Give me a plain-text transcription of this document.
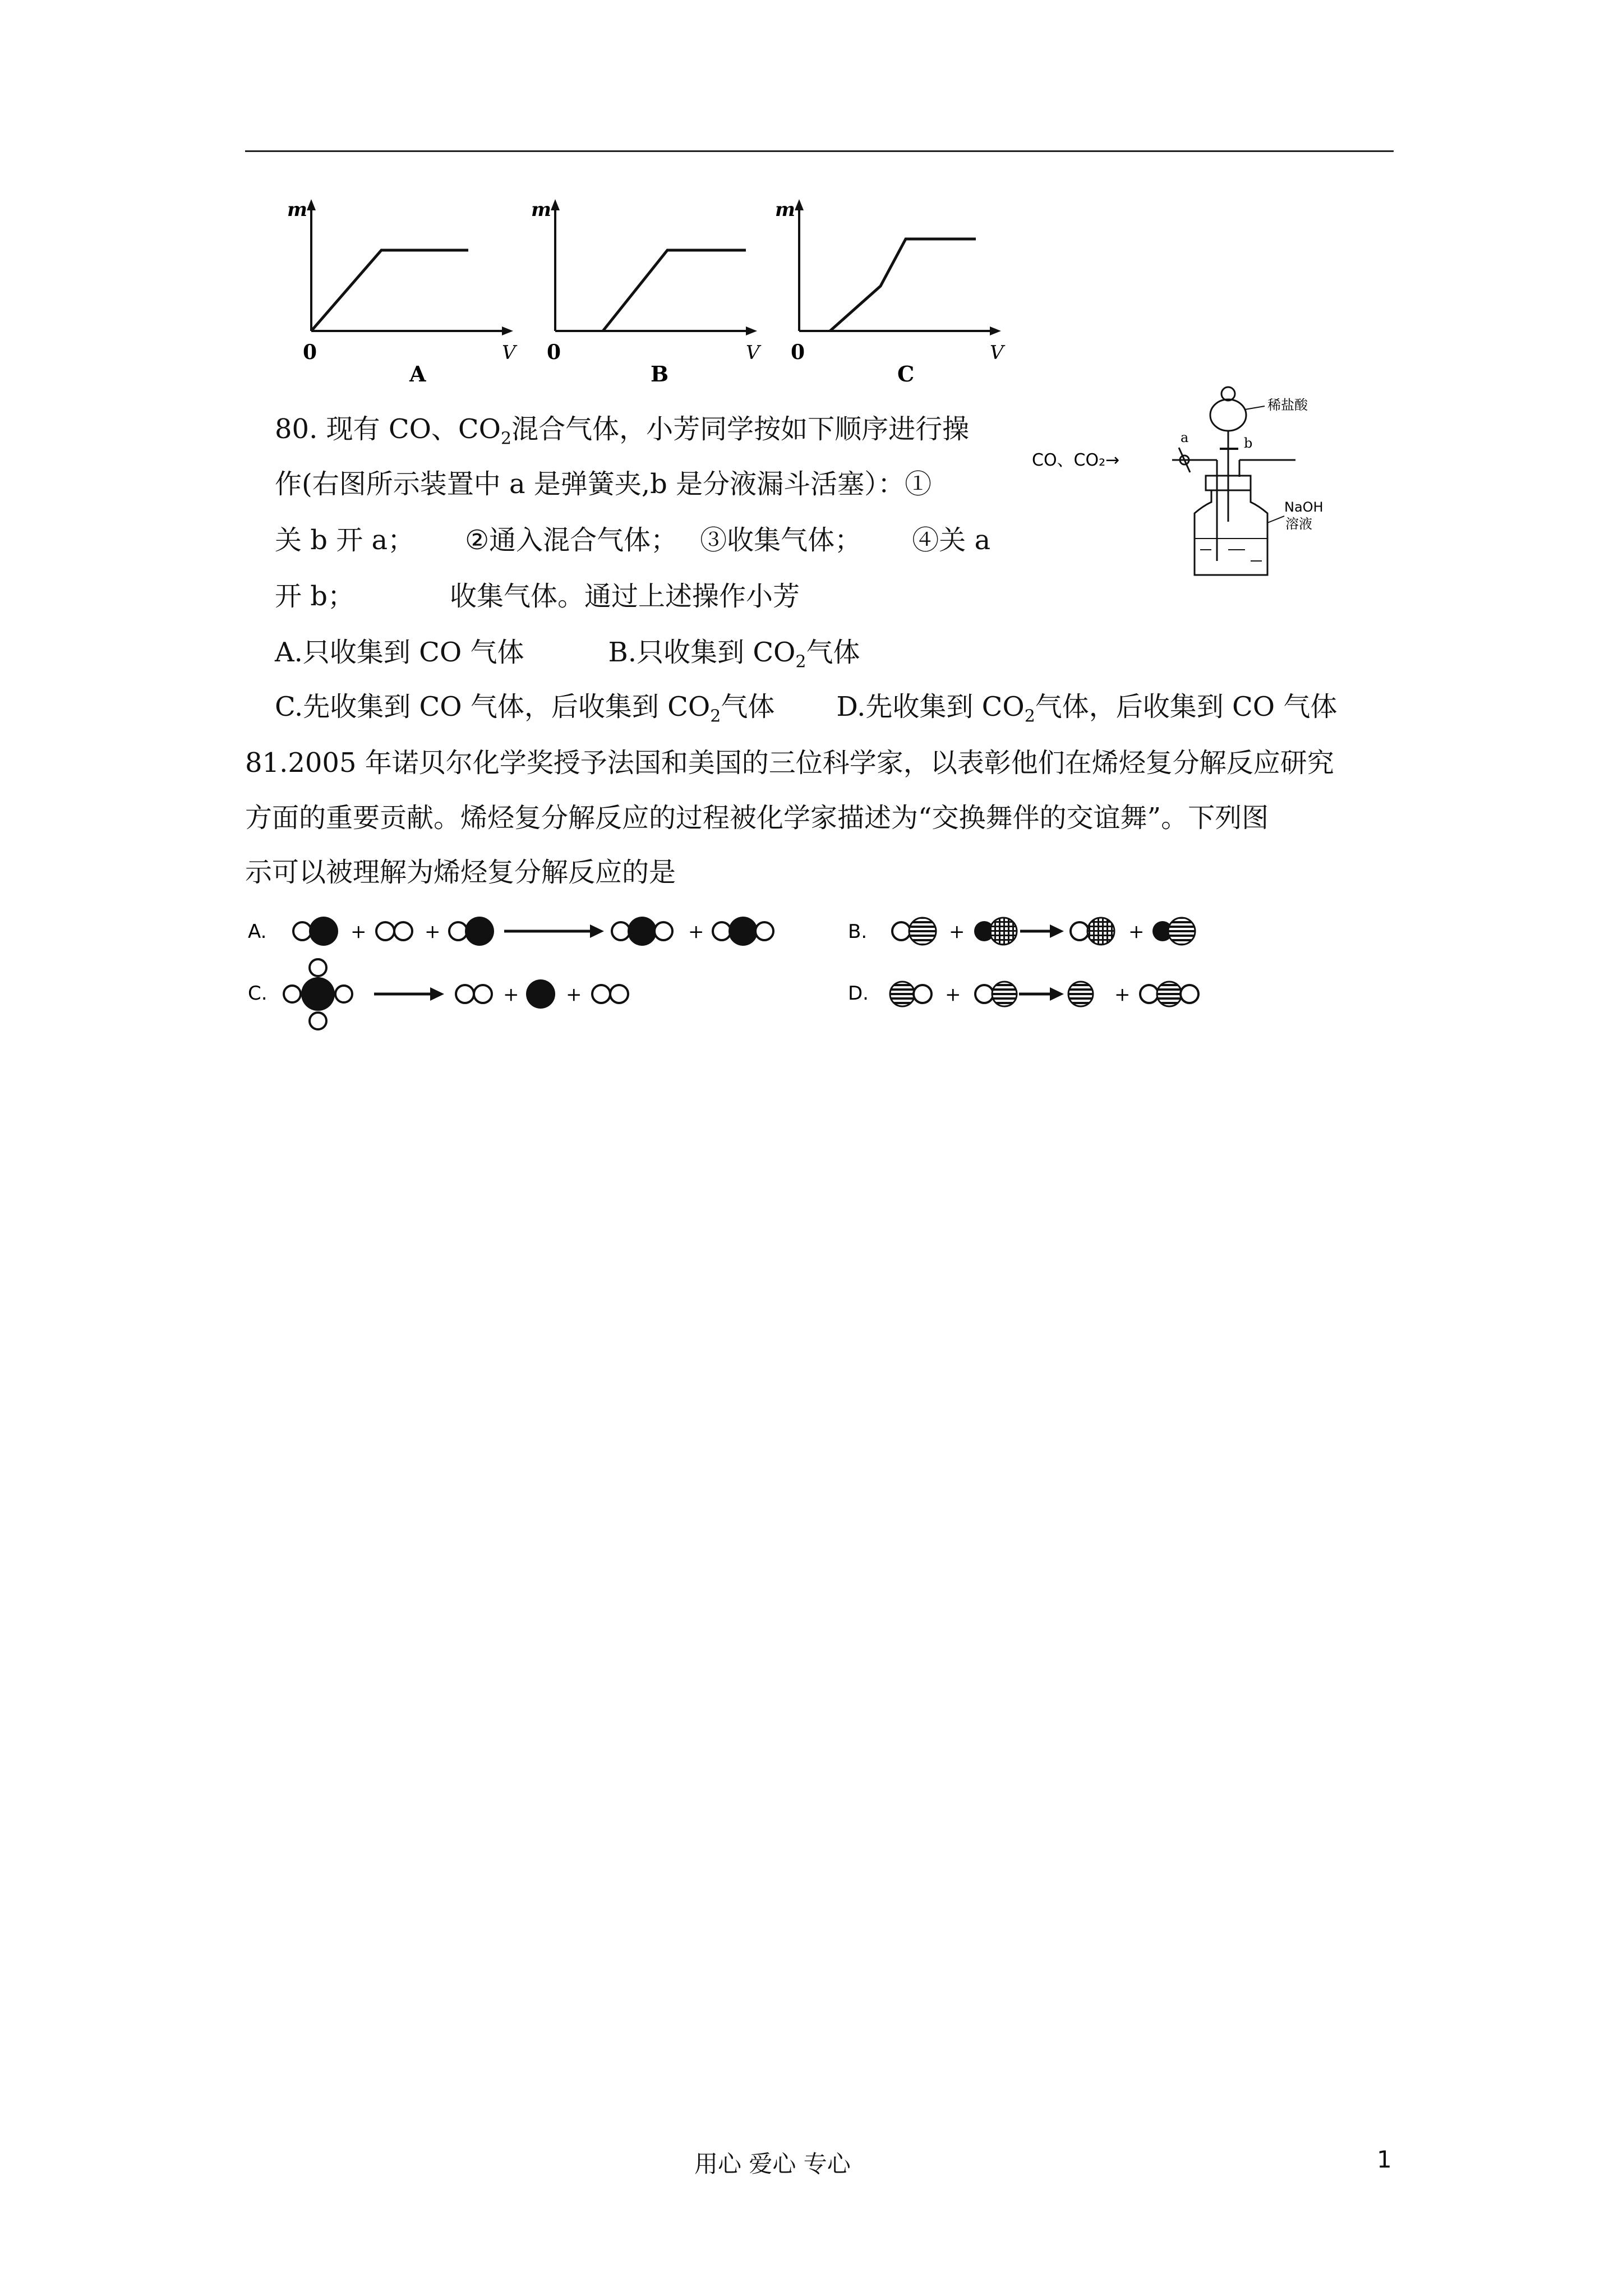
m
V
0
A
m
V
0
B
m
V
0
C
80. 现有 CO、$CO_2$混合气体，小芳同学按如下顺序进行操
作(右图所示装置中 a 是弹簧夹,b 是分液漏斗活塞）：①
关 b 开 a； ②通入混合气体； ③收集气体； ④关 a
开 b；	收集气体。通过上述操作小芳
A.只收集到 CO 气体	B.只收集到 $CO_2$气体
C.先收集到 CO 气体，后收集到 $CO_2$气体 D.先收集到 $CO_2$气体，后收集到 CO 气体
CO、CO₂→
稀盐酸
b
a
NaOH
溶液
81.2005 年诺贝尔化学奖授予法国和美国的三位科学家，以表彰他们在烯烃复分解反应研究
方面的重要贡献。烯烃复分解反应的过程被化学家描述为“交换舞伴的交谊舞”。下列图
示可以被理解为烯烃复分解反应的是
A.	+	+	+	B.	+	+
C.	+ +	D.	+	+
用心 爱心 专心	1
